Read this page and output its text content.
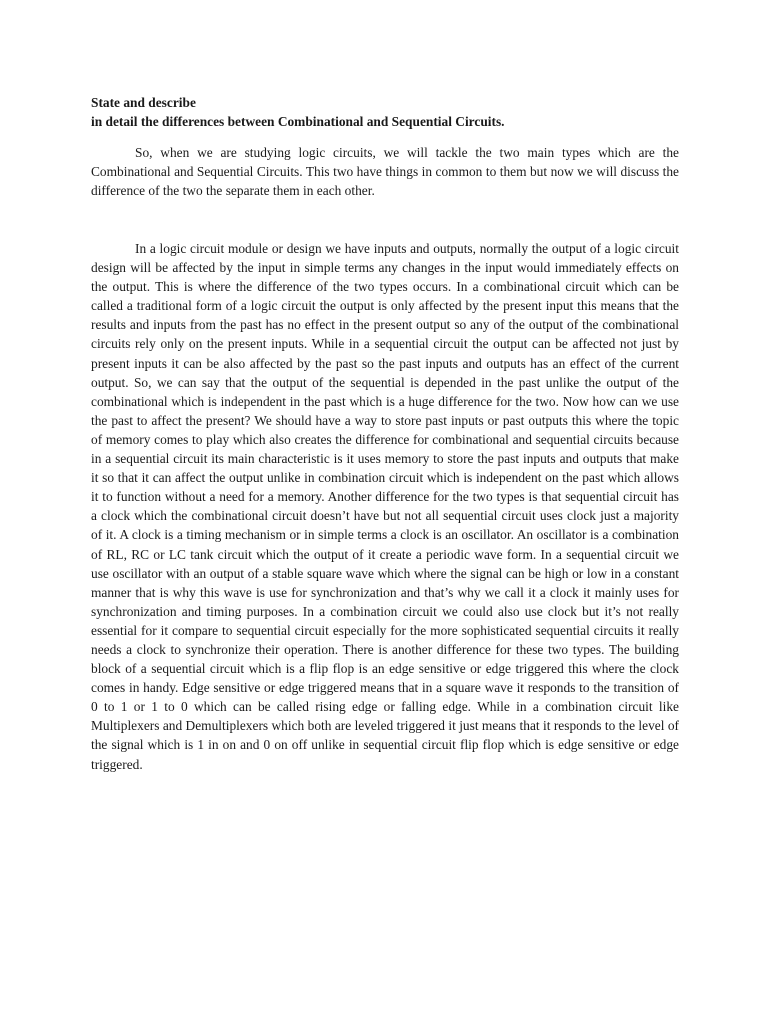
State and describe
in detail the differences between Combinational and Sequential Circuits.

So, when we are studying logic circuits, we will tackle the two main types which are the Combinational and Sequential Circuits. This two have things in common to them but now we will discuss the difference of the two the separate them in each other.

In a logic circuit module or design we have inputs and outputs, normally the output of a logic circuit design will be affected by the input in simple terms any changes in the input would immediately effects on the output. This is where the difference of the two types occurs. In a combinational circuit which can be called a traditional form of a logic circuit the output is only affected by the present input this means that the results and inputs from the past has no effect in the present output so any of the output of the combinational circuits rely only on the present inputs. While in a sequential circuit the output can be affected not just by present inputs it can be also affected by the past so the past inputs and outputs has an effect of the current output. So, we can say that the output of the sequential is depended in the past unlike the output of the combinational which is independent in the past which is a huge difference for the two. Now how can we use the past to affect the present? We should have a way to store past inputs or past outputs this where the topic of memory comes to play which also creates the difference for combinational and sequential circuits because in a sequential circuit its main characteristic is it uses memory to store the past inputs and outputs that make it so that it can affect the output unlike in combination circuit which is independent on the past which allows it to function without a need for a memory. Another difference for the two types is that sequential circuit has a clock which the combinational circuit doesn’t have but not all sequential circuit uses clock just a majority of it. A clock is a timing mechanism or in simple terms a clock is an oscillator. An oscillator is a combination of RL, RC or LC tank circuit which the output of it create a periodic wave form. In a sequential circuit we use oscillator with an output of a stable square wave which where the signal can be high or low in a constant manner that is why this wave is use for synchronization and that’s why we call it a clock it mainly uses for synchronization and timing purposes. In a combination circuit we could also use clock but it’s not really essential for it compare to sequential circuit especially for the more sophisticated sequential circuits it really needs a clock to synchronize their operation. There is another difference for these two types. The building block of a sequential circuit which is a flip flop is an edge sensitive or edge triggered this where the clock comes in handy. Edge sensitive or edge triggered means that in a square wave it responds to the transition of 0 to 1 or 1 to 0 which can be called rising edge or falling edge. While in a combination circuit like Multiplexers and Demultiplexers which both are leveled triggered it just means that it responds to the level of the signal which is 1 in on and 0 on off unlike in sequential circuit flip flop which is edge sensitive or edge triggered.
